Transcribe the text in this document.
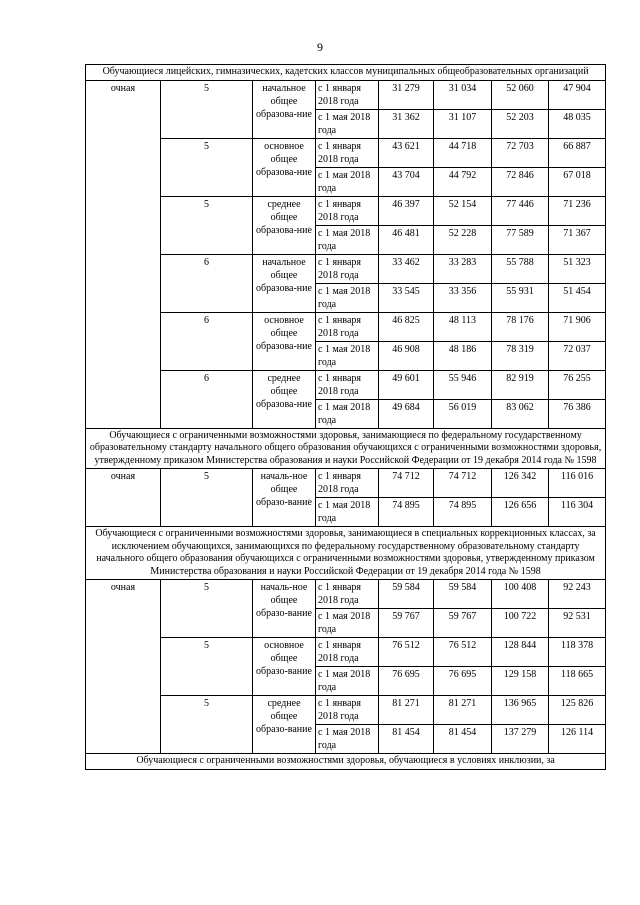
9
Обучающиеся лицейских, гимназических, кадетских классов муниципальных общеобразовательных организаций							
очная	5	начальное общее образова-ние	с 1 января 2018 года	31 279	31 034	52 060	47 904
			с 1 мая 2018 года	31 362	31 107	52 203	48 035
	5	основное общее образова-ние	с 1 января 2018 года	43 621	44 718	72 703	66 887
			с 1 мая 2018 года	43 704	44 792	72 846	67 018
	5	среднее общее образова-ние	с 1 января 2018 года	46 397	52 154	77 446	71 236
			с 1 мая 2018 года	46 481	52 228	77 589	71 367
	6	начальное общее образова-ние	с 1 января 2018 года	33 462	33 283	55 788	51 323
			с 1 мая 2018 года	33 545	33 356	55 931	51 454
	6	основное общее образова-ние	с 1 января 2018 года	46 825	48 113	78 176	71 906
			с 1 мая 2018 года	46 908	48 186	78 319	72 037
	6	среднее общее образова-ние	с 1 января 2018 года	49 601	55 946	82 919	76 255
			с 1 мая 2018 года	49 684	56 019	83 062	76 386
Обучающиеся с ограниченными возможностями здоровья, занимающиеся по федеральному государственному образовательному стандарту начального общего образования обучающихся с ограниченными возможностями здоровья, утвержденному приказом Министерства образования и науки Российской Федерации от 19 декабря 2014 года № 1598							
очная	5	началь-ное общее образо-вание	с 1 января 2018 года	74 712	74 712	126 342	116 016
			с 1 мая 2018 года	74 895	74 895	126 656	116 304
Обучающиеся с ограниченными возможностями здоровья, занимающиеся в специальных коррекционных классах, за исключением обучающихся, занимающихся по федеральному государственному образовательному стандарту начального общего образования обучающихся с ограниченными возможностями здоровья, утвержденному приказом Министерства образования и науки Российской Федерации от 19 декабря 2014 года № 1598							
очная	5	началь-ное общее образо-вание	с 1 января 2018 года	59 584	59 584	100 408	92 243
			с 1 мая 2018 года	59 767	59 767	100 722	92 531
	5	основное общее образо-вание	с 1 января 2018 года	76 512	76 512	128 844	118 378
			с 1 мая 2018 года	76 695	76 695	129 158	118 665
	5	среднее общее образо-вание	с 1 января 2018 года	81 271	81 271	136 965	125 826
			с 1 мая 2018 года	81 454	81 454	137 279	126 114
Обучающиеся с ограниченными возможностями здоровья, обучающиеся в условиях инклюзии, за							
